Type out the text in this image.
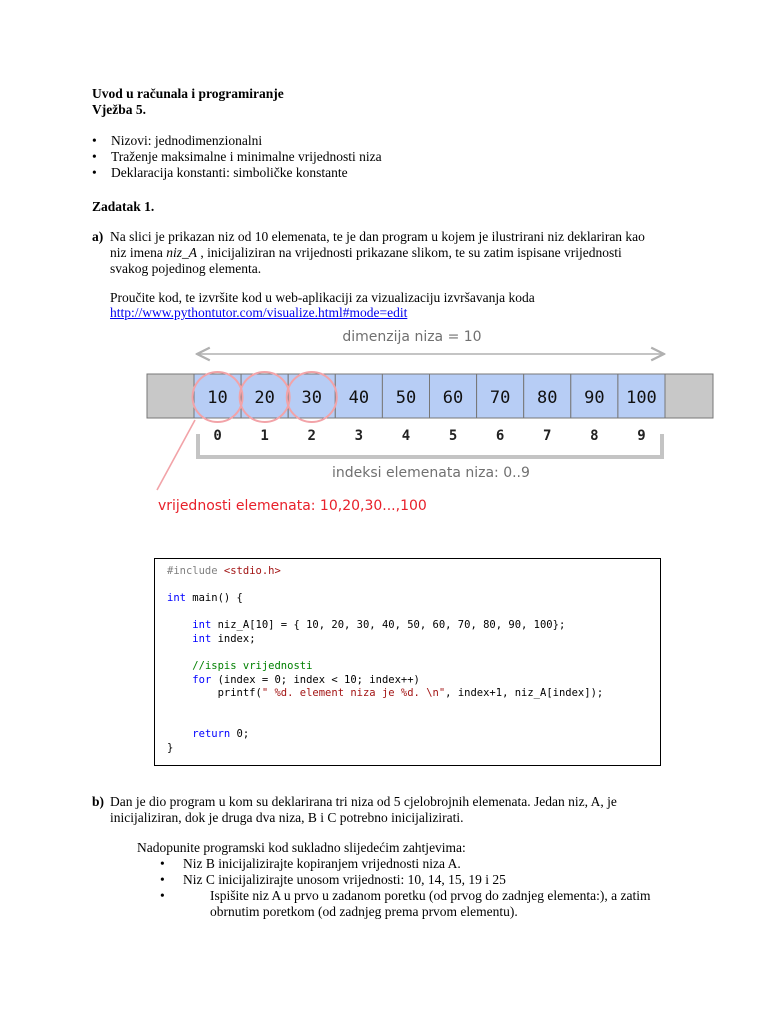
Uvod u računala i programiranje
Vježba 5.
• Nizovi: jednodimenzionalni
• Traženje maksimalne i minimalne vrijednosti niza
• Deklaracija konstanti: simboličke konstante
Zadatak 1.
a) Na slici je prikazan niz od 10 elemenata, te je dan program u kojem je ilustrirani niz deklariran kao
niz imena niz_A , inicijaliziran na vrijednosti prikazane slikom, te su zatim ispisane vrijednosti
svakog pojedinog elementa.
Proučite kod, te izvršite kod u web-aplikaciji za vizualizaciju izvršavanja koda
http://www.pythontutor.com/visualize.html#mode=edit
dimenzija niza = 10
10 20 30 40 50 60 70 80 90 100
0	1	2	3	4	5	6	7	8	9
indeksi elemenata niza: 0..9
vrijednosti elemenata: 10,20,30...,100
#include <stdio.h>

int main() {

int niz_A[10] = { 10, 20, 30, 40, 50, 60, 70, 80, 90, 100};
int index;

//ispis vrijednosti
for (index = 0; index < 10; index++)
printf(" %d. element niza je %d. \n", index+1, niz_A[index]);

return 0;
}
b) Dan je dio program u kom su deklarirana tri niza od 5 cjelobrojnih elemenata. Jedan niz, A, je
inicijaliziran, dok je druga dva niza, B i C potrebno inicijalizirati.
Nadopunite programski kod sukladno slijedećim zahtjevima:
• Niz B inicijalizirajte kopiranjem vrijednosti niza A.
• Niz C inicijalizirajte unosom vrijednosti: 10, 14, 15, 19 i 25
• Ispišite niz A u prvo u zadanom poretku (od prvog do zadnjeg elementa:), a zatim
obrnutim poretkom (od zadnjeg prema prvom elementu).
